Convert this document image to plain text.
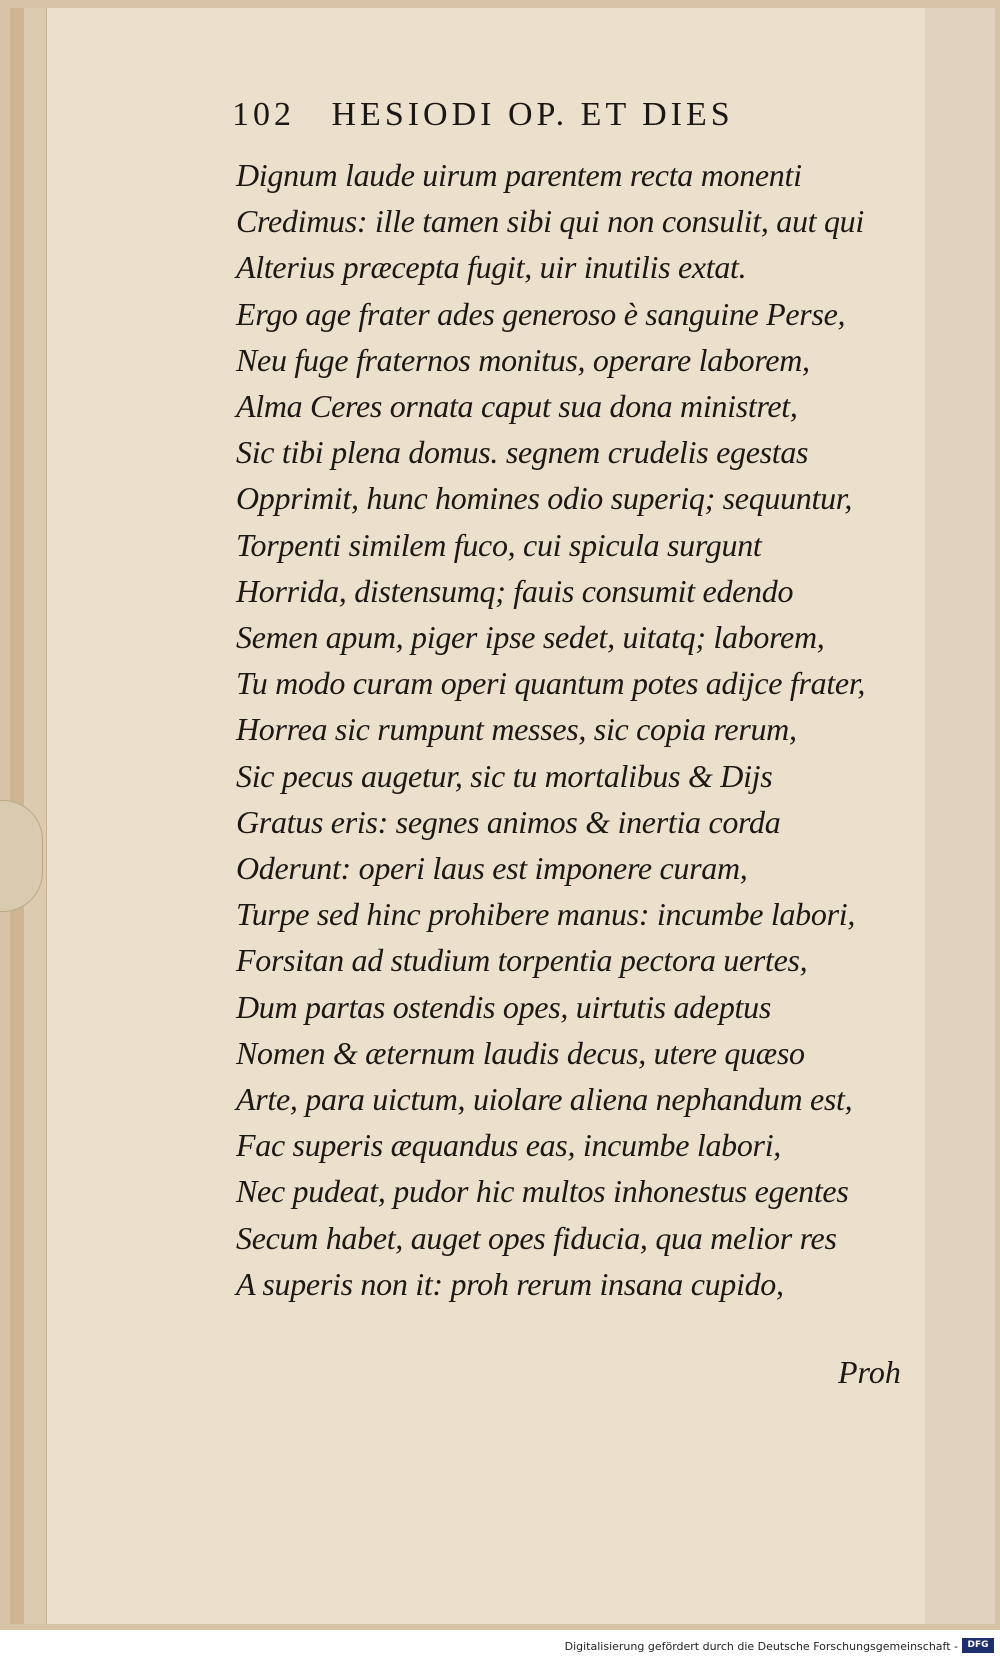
102 HESIODI OP. ET DIES
Dignum laude uirum parentem recta monenti
Credimus: ille tamen sibi qui non consulit, aut qui
Alterius præcepta fugit, uir inutilis extat.
Ergo age frater ades generoso è sanguine Perse,
Neu fuge fraternos monitus, operare laborem,
Alma Ceres ornata caput sua dona ministret,
Sic tibi plena domus. segnem crudelis egestas
Opprimit, hunc homines odio superiq; sequuntur,
Torpenti similem fuco, cui spicula surgunt
Horrida, distensumq; fauis consumit edendo
Semen apum, piger ipse sedet, uitatq; laborem,
Tu modo curam operi quantum potes adijce frater,
Horrea sic rumpunt messes, sic copia rerum,
Sic pecus augetur, sic tu mortalibus & Dijs
Gratus eris: segnes animos & inertia corda
Oderunt: operi laus est imponere curam,
Turpe sed hinc prohibere manus: incumbe labori,
Forsitan ad studium torpentia pectora uertes,
Dum partas ostendis opes, uirtutis adeptus
Nomen & æternum laudis decus, utere quæso
Arte, para uictum, uiolare aliena nephandum est,
Fac superis æquandus eas, incumbe labori,
Nec pudeat, pudor hic multos inhonestus egentes
Secum habet, auget opes fiducia, qua melior res
A superis non it: proh rerum insana cupido,
Proh
Digitalisierung gefördert durch die Deutsche Forschungsgemeinschaft -	DFG
